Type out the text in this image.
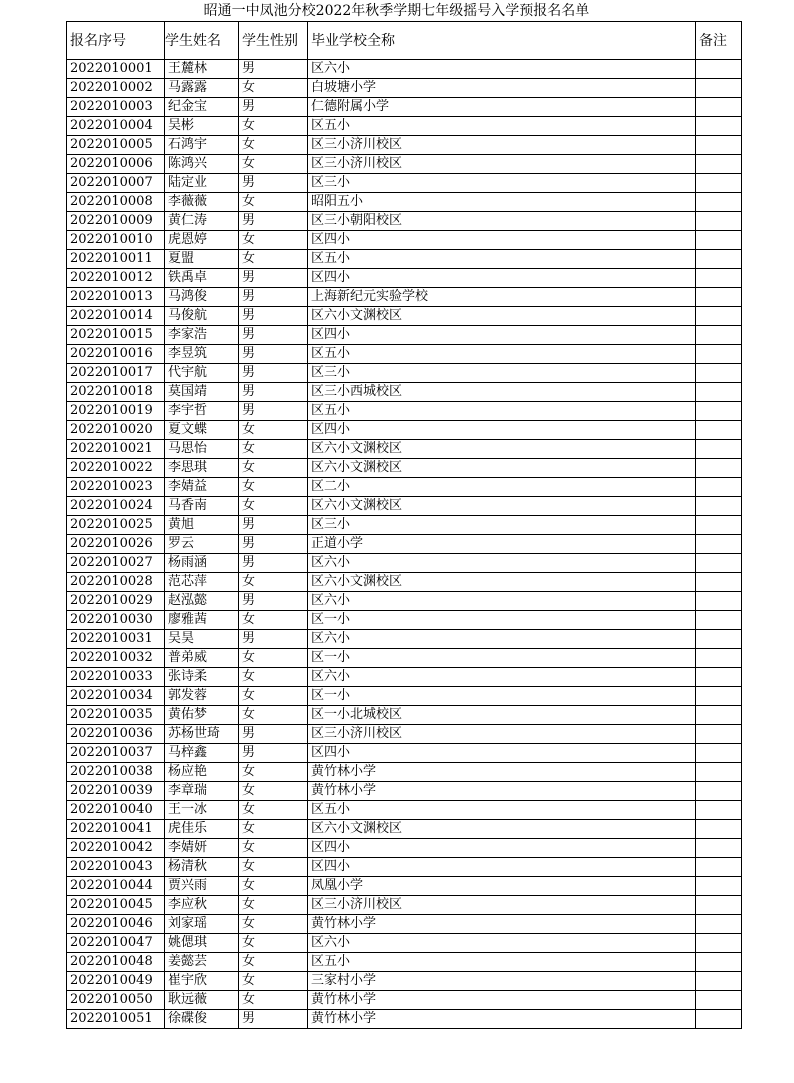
昭通一中凤池分校2022年秋季学期七年级摇号入学预报名名单
报名序号	学生姓名	学生性别	毕业学校全称	备注
2022010001	王麓林	男	区六小	
2022010002	马露露	女	白坡塘小学	
2022010003	纪金宝	男	仁德附属小学	
2022010004	吴彬	女	区五小	
2022010005	石鸿宇	女	区三小济川校区	
2022010006	陈鸿兴	女	区三小济川校区	
2022010007	陆定业	男	区三小	
2022010008	李薇薇	女	昭阳五小	
2022010009	黄仁涛	男	区三小朝阳校区	
2022010010	虎恩婷	女	区四小	
2022010011	夏盟	女	区五小	
2022010012	铁禹卓	男	区四小	
2022010013	马鸿俊	男	上海新纪元实验学校	
2022010014	马俊航	男	区六小文渊校区	
2022010015	李家浩	男	区四小	
2022010016	李昱筑	男	区五小	
2022010017	代宇航	男	区三小	
2022010018	莫国靖	男	区三小西城校区	
2022010019	李宇哲	男	区五小	
2022010020	夏文蝶	女	区四小	
2022010021	马思怡	女	区六小文渊校区	
2022010022	李思琪	女	区六小文渊校区	
2022010023	李婧益	女	区二小	
2022010024	马香南	女	区六小文渊校区	
2022010025	黄旭	男	区三小	
2022010026	罗云	男	正道小学	
2022010027	杨雨涵	男	区六小	
2022010028	范芯萍	女	区六小文渊校区	
2022010029	赵泓懿	男	区六小	
2022010030	廖雅茜	女	区一小	
2022010031	吴昊	男	区六小	
2022010032	普弟威	女	区一小	
2022010033	张诗柔	女	区六小	
2022010034	郭发蓉	女	区一小	
2022010035	黄佑梦	女	区一小北城校区	
2022010036	苏杨世琦	男	区三小济川校区	
2022010037	马梓鑫	男	区四小	
2022010038	杨应艳	女	黄竹林小学	
2022010039	李章瑞	女	黄竹林小学	
2022010040	王一冰	女	区五小	
2022010041	虎佳乐	女	区六小文渊校区	
2022010042	李婧妍	女	区四小	
2022010043	杨清秋	女	区四小	
2022010044	贾兴雨	女	凤凰小学	
2022010045	李应秋	女	区三小济川校区	
2022010046	刘家瑶	女	黄竹林小学	
2022010047	姚偲琪	女	区六小	
2022010048	姜懿芸	女	区五小	
2022010049	崔宇欣	女	三家村小学	
2022010050	耿远薇	女	黄竹林小学	
2022010051	徐碟俊	男	黄竹林小学	
